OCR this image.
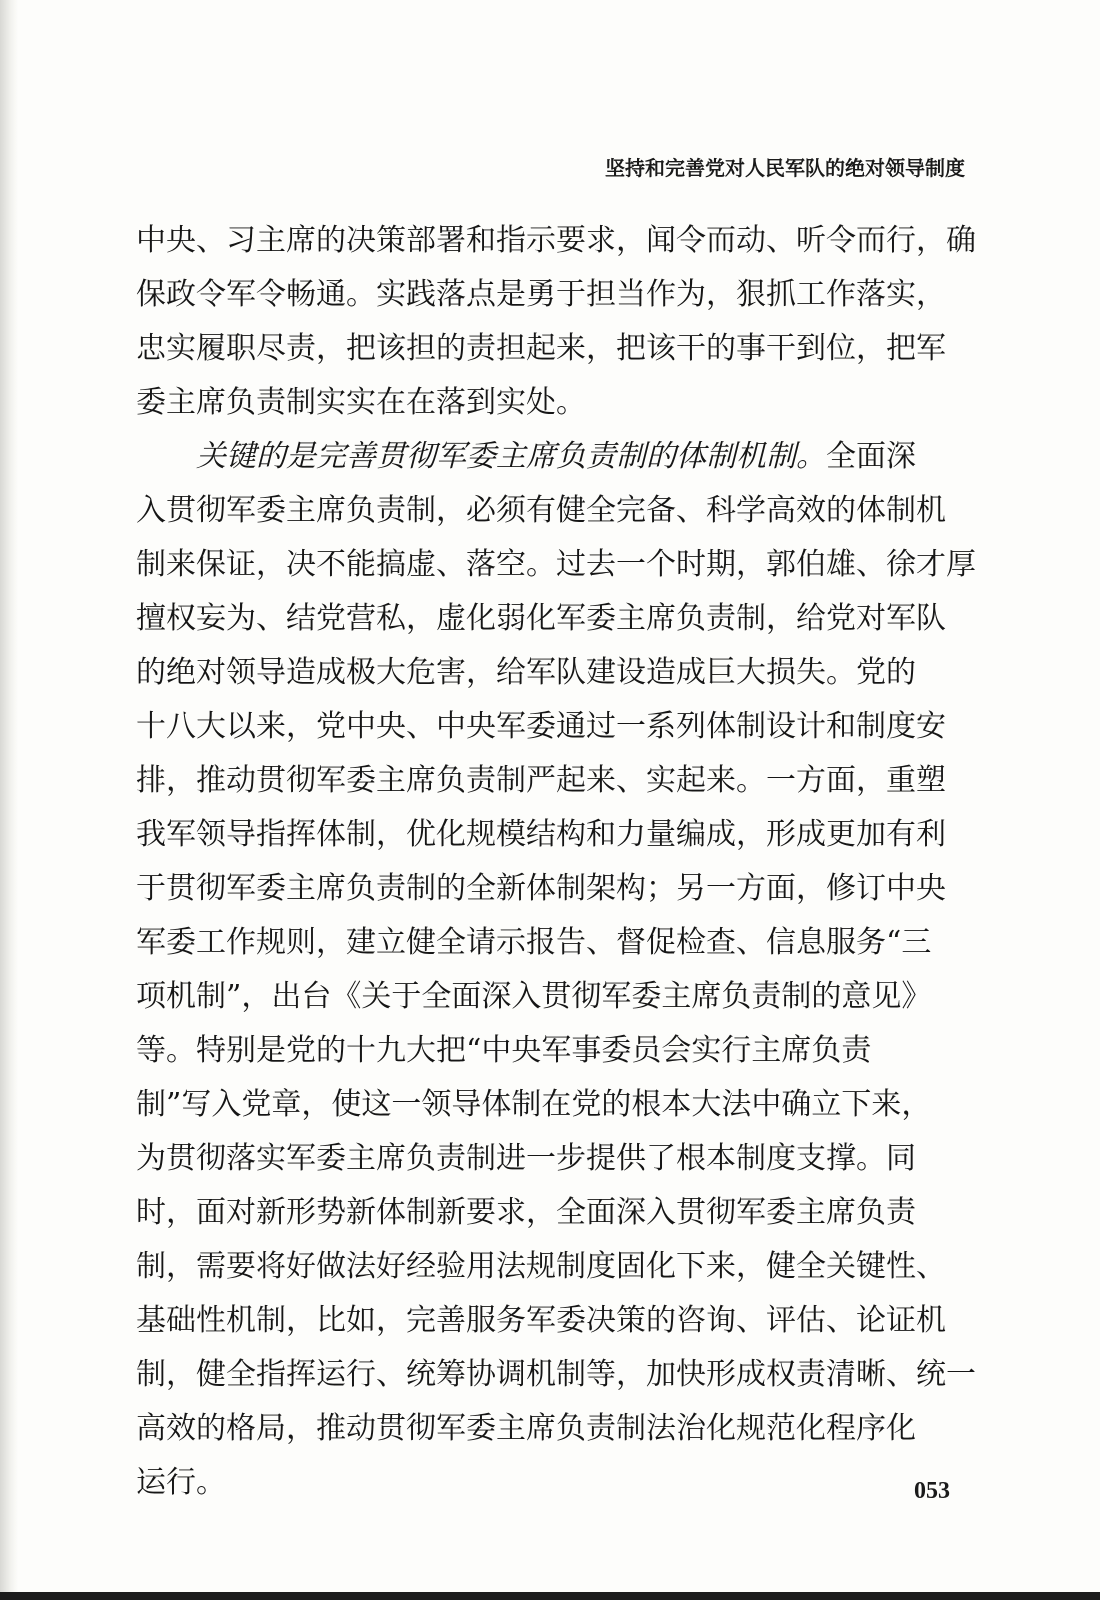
坚持和完善党对人民军队的绝对领导制度

中央、习主席的决策部署和指示要求，闻令而动、听令而行，确
保政令军令畅通。实践落点是勇于担当作为，狠抓工作落实，
忠实履职尽责，把该担的责担起来，把该干的事干到位，把军
委主席负责制实实在在落到实处。

关键的是完善贯彻军委主席负责制的体制机制。全面深
入贯彻军委主席负责制，必须有健全完备、科学高效的体制机
制来保证，决不能搞虚、落空。过去一个时期，郭伯雄、徐才厚
擅权妄为、结党营私，虚化弱化军委主席负责制，给党对军队
的绝对领导造成极大危害，给军队建设造成巨大损失。党的
十八大以来，党中央、中央军委通过一系列体制设计和制度安
排，推动贯彻军委主席负责制严起来、实起来。一方面，重塑
我军领导指挥体制，优化规模结构和力量编成，形成更加有利
于贯彻军委主席负责制的全新体制架构；另一方面，修订中央
军委工作规则，建立健全请示报告、督促检查、信息服务“三
项机制”，出台《关于全面深入贯彻军委主席负责制的意见》
等。特别是党的十九大把“中央军事委员会实行主席负责
制”写入党章，使这一领导体制在党的根本大法中确立下来，
为贯彻落实军委主席负责制进一步提供了根本制度支撑。同
时，面对新形势新体制新要求，全面深入贯彻军委主席负责
制，需要将好做法好经验用法规制度固化下来，健全关键性、
基础性机制，比如，完善服务军委决策的咨询、评估、论证机
制，健全指挥运行、统筹协调机制等，加快形成权责清晰、统一
高效的格局，推动贯彻军委主席负责制法治化规范化程序化
运行。	053
